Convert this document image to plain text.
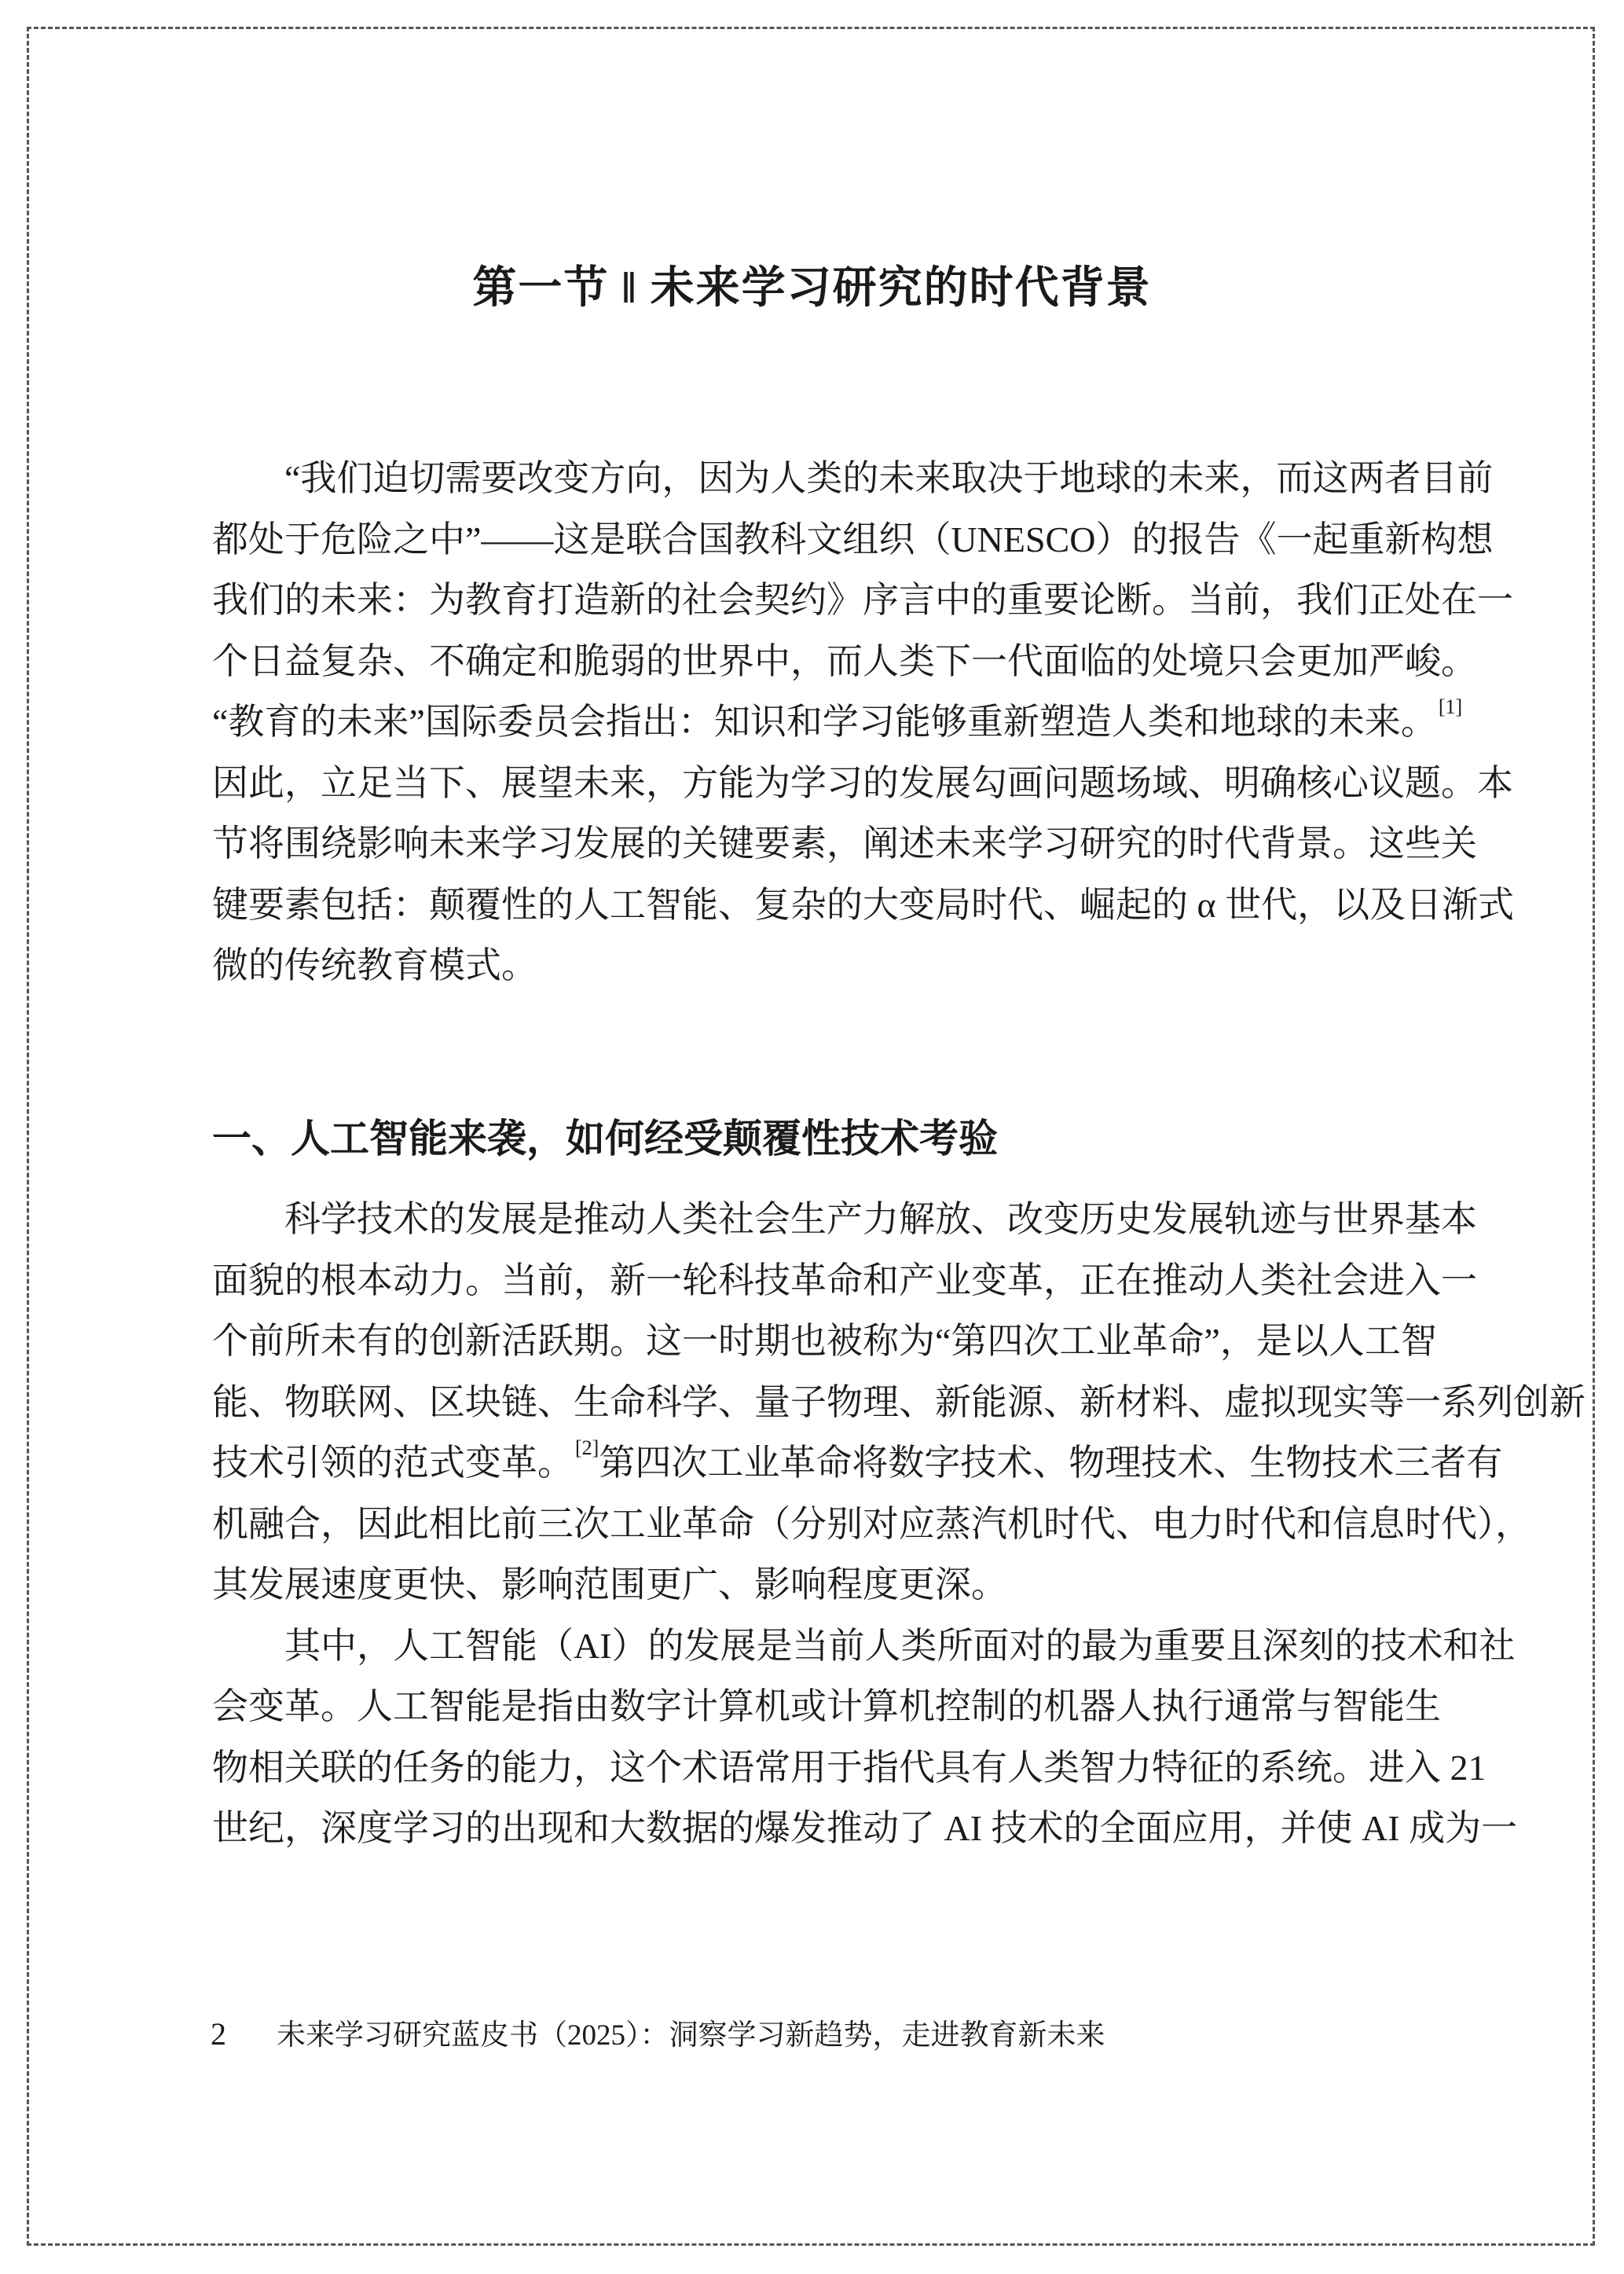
第一节 ‖ 未来学习研究的时代背景
“我们迫切需要改变方向，因为人类的未来取决于地球的未来，而这两者目前
都处于危险之中”——这是联合国教科文组织（UNESCO）的报告《一起重新构想
我们的未来：为教育打造新的社会契约》序言中的重要论断。当前，我们正处在一
个日益复杂、不确定和脆弱的世界中，而人类下一代面临的处境只会更加严峻。
“教育的未来”国际委员会指出：知识和学习能够重新塑造人类和地球的未来。[1]
因此，立足当下、展望未来，方能为学习的发展勾画问题场域、明确核心议题。本
节将围绕影响未来学习发展的关键要素，阐述未来学习研究的时代背景。这些关
键要素包括：颠覆性的人工智能、复杂的大变局时代、崛起的 α 世代，以及日渐式
微的传统教育模式。
一、人工智能来袭，如何经受颠覆性技术考验
科学技术的发展是推动人类社会生产力解放、改变历史发展轨迹与世界基本
面貌的根本动力。当前，新一轮科技革命和产业变革，正在推动人类社会进入一
个前所未有的创新活跃期。这一时期也被称为“第四次工业革命”，是以人工智
能、物联网、区块链、生命科学、量子物理、新能源、新材料、虚拟现实等一系列创新
技术引领的范式变革。[2]第四次工业革命将数字技术、物理技术、生物技术三者有
机融合，因此相比前三次工业革命（分别对应蒸汽机时代、电力时代和信息时代），
其发展速度更快、影响范围更广、影响程度更深。
其中，人工智能（AI）的发展是当前人类所面对的最为重要且深刻的技术和社
会变革。人工智能是指由数字计算机或计算机控制的机器人执行通常与智能生
物相关联的任务的能力，这个术语常用于指代具有人类智力特征的系统。进入 21
世纪，深度学习的出现和大数据的爆发推动了 AI 技术的全面应用，并使 AI 成为一
2 未来学习研究蓝皮书（2025）：洞察学习新趋势，走进教育新未来
